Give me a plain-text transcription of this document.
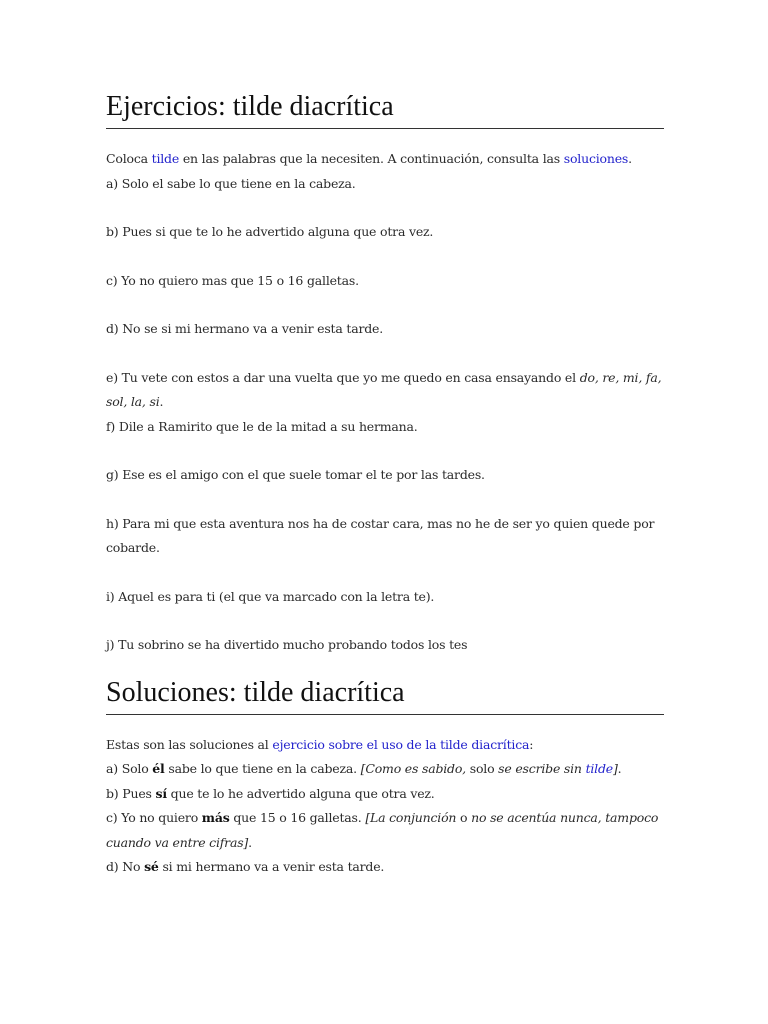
Ejercicios: tilde diacrítica

Coloca tilde en las palabras que la necesiten. A continuación, consulta las soluciones.

a) Solo el sabe lo que tiene en la cabeza.

b) Pues si que te lo he advertido alguna que otra vez.

c) Yo no quiero mas que 15 o 16 galletas.

d) No se si mi hermano va a venir esta tarde.

e) Tu vete con estos a dar una vuelta que yo me quedo en casa ensayando el do, re, mi, fa, sol, la, si.

f) Dile a Ramirito que le de la mitad a su hermana.

g) Ese es el amigo con el que suele tomar el te por las tardes.

h) Para mi que esta aventura nos ha de costar cara, mas no he de ser yo quien quede por cobarde.

i) Aquel es para ti (el que va marcado con la letra te).

j) Tu sobrino se ha divertido mucho probando todos los tes

Soluciones: tilde diacrítica

Estas son las soluciones al ejercicio sobre el uso de la tilde diacrítica:

a) Solo él sabe lo que tiene en la cabeza. [Como es sabido, solo se escribe sin tilde].

b) Pues sí que te lo he advertido alguna que otra vez.

c) Yo no quiero más que 15 o 16 galletas. [La conjunción o no se acentúa nunca, tampoco cuando va entre cifras].

d) No sé si mi hermano va a venir esta tarde.
